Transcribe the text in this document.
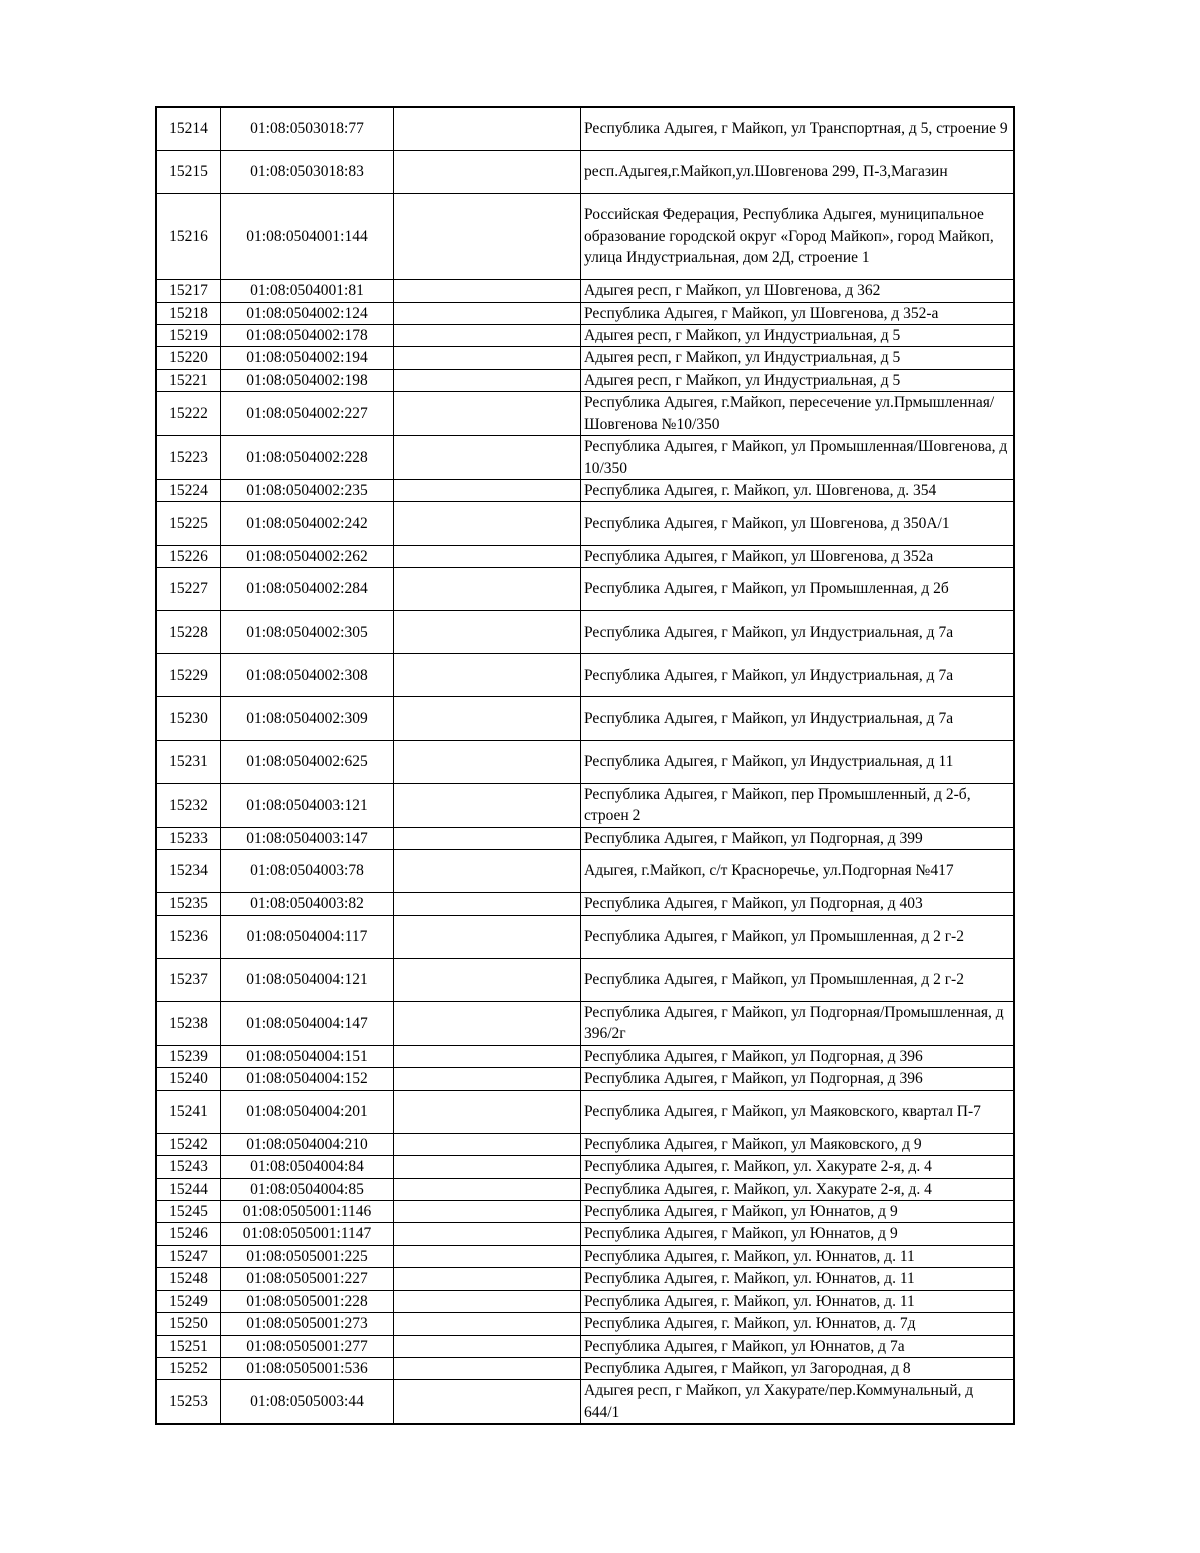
15214	01:08:0503018:77		Республика Адыгея, г Майкоп, ул Транспортная, д 5, строение 9
15215	01:08:0503018:83		респ.Адыгея,г.Майкоп,ул.Шовгенова 299, П-3,Магазин
15216	01:08:0504001:144		Российская Федерация, Республика Адыгея, муниципальное образование городской округ «Город Майкоп», город Майкоп, улица Индустриальная, дом 2Д, строение 1
15217	01:08:0504001:81		Адыгея респ, г Майкоп, ул Шовгенова, д 362
15218	01:08:0504002:124		Республика Адыгея, г Майкоп, ул Шовгенова, д 352-а
15219	01:08:0504002:178		Адыгея респ, г Майкоп, ул Индустриальная, д 5
15220	01:08:0504002:194		Адыгея респ, г Майкоп, ул Индустриальная, д 5
15221	01:08:0504002:198		Адыгея респ, г Майкоп, ул Индустриальная, д 5
15222	01:08:0504002:227		Республика Адыгея, г.Майкоп, пересечение ул.Прмышленная/Шовгенова №10/350
15223	01:08:0504002:228		Республика Адыгея, г Майкоп, ул Промышленная/Шовгенова, д 10/350
15224	01:08:0504002:235		Республика Адыгея, г. Майкоп, ул. Шовгенова, д. 354
15225	01:08:0504002:242		Республика Адыгея, г Майкоп, ул Шовгенова, д 350А/1
15226	01:08:0504002:262		Республика Адыгея, г Майкоп, ул Шовгенова, д 352а
15227	01:08:0504002:284		Республика Адыгея, г Майкоп, ул Промышленная, д 2б
15228	01:08:0504002:305		Республика Адыгея, г Майкоп, ул Индустриальная, д 7а
15229	01:08:0504002:308		Республика Адыгея, г Майкоп, ул Индустриальная, д 7а
15230	01:08:0504002:309		Республика Адыгея, г Майкоп, ул Индустриальная, д 7а
15231	01:08:0504002:625		Республика Адыгея, г Майкоп, ул Индустриальная, д 11
15232	01:08:0504003:121		Республика Адыгея, г Майкоп, пер Промышленный, д 2-б, строен 2
15233	01:08:0504003:147		Республика Адыгея, г Майкоп, ул Подгорная, д 399
15234	01:08:0504003:78		Адыгея, г.Майкоп, с/т Красноречье, ул.Подгорная №417
15235	01:08:0504003:82		Республика Адыгея, г Майкоп, ул Подгорная, д 403
15236	01:08:0504004:117		Республика Адыгея, г Майкоп, ул Промышленная, д 2 г-2
15237	01:08:0504004:121		Республика Адыгея, г Майкоп, ул Промышленная, д 2 г-2
15238	01:08:0504004:147		Республика Адыгея, г Майкоп, ул Подгорная/Промышленная, д 396/2г
15239	01:08:0504004:151		Республика Адыгея, г Майкоп, ул Подгорная, д 396
15240	01:08:0504004:152		Республика Адыгея, г Майкоп, ул Подгорная, д 396
15241	01:08:0504004:201		Республика Адыгея, г Майкоп, ул Маяковского, квартал П-7
15242	01:08:0504004:210		Республика Адыгея, г Майкоп, ул Маяковского, д 9
15243	01:08:0504004:84		Республика Адыгея, г. Майкоп, ул. Хакурате 2-я, д. 4
15244	01:08:0504004:85		Республика Адыгея, г. Майкоп, ул. Хакурате 2-я, д. 4
15245	01:08:0505001:1146		Республика Адыгея, г Майкоп, ул Юннатов, д 9
15246	01:08:0505001:1147		Республика Адыгея, г Майкоп, ул Юннатов, д 9
15247	01:08:0505001:225		Республика Адыгея, г. Майкоп, ул. Юннатов, д. 11
15248	01:08:0505001:227		Республика Адыгея, г. Майкоп, ул. Юннатов, д. 11
15249	01:08:0505001:228		Республика Адыгея, г. Майкоп, ул. Юннатов, д. 11
15250	01:08:0505001:273		Республика Адыгея, г. Майкоп, ул. Юннатов, д. 7д
15251	01:08:0505001:277		Республика Адыгея, г Майкоп, ул Юннатов, д 7а
15252	01:08:0505001:536		Республика Адыгея, г Майкоп, ул Загородная, д 8
15253	01:08:0505003:44		Адыгея респ, г Майкоп, ул Хакурате/пер.Коммунальный, д 644/1
